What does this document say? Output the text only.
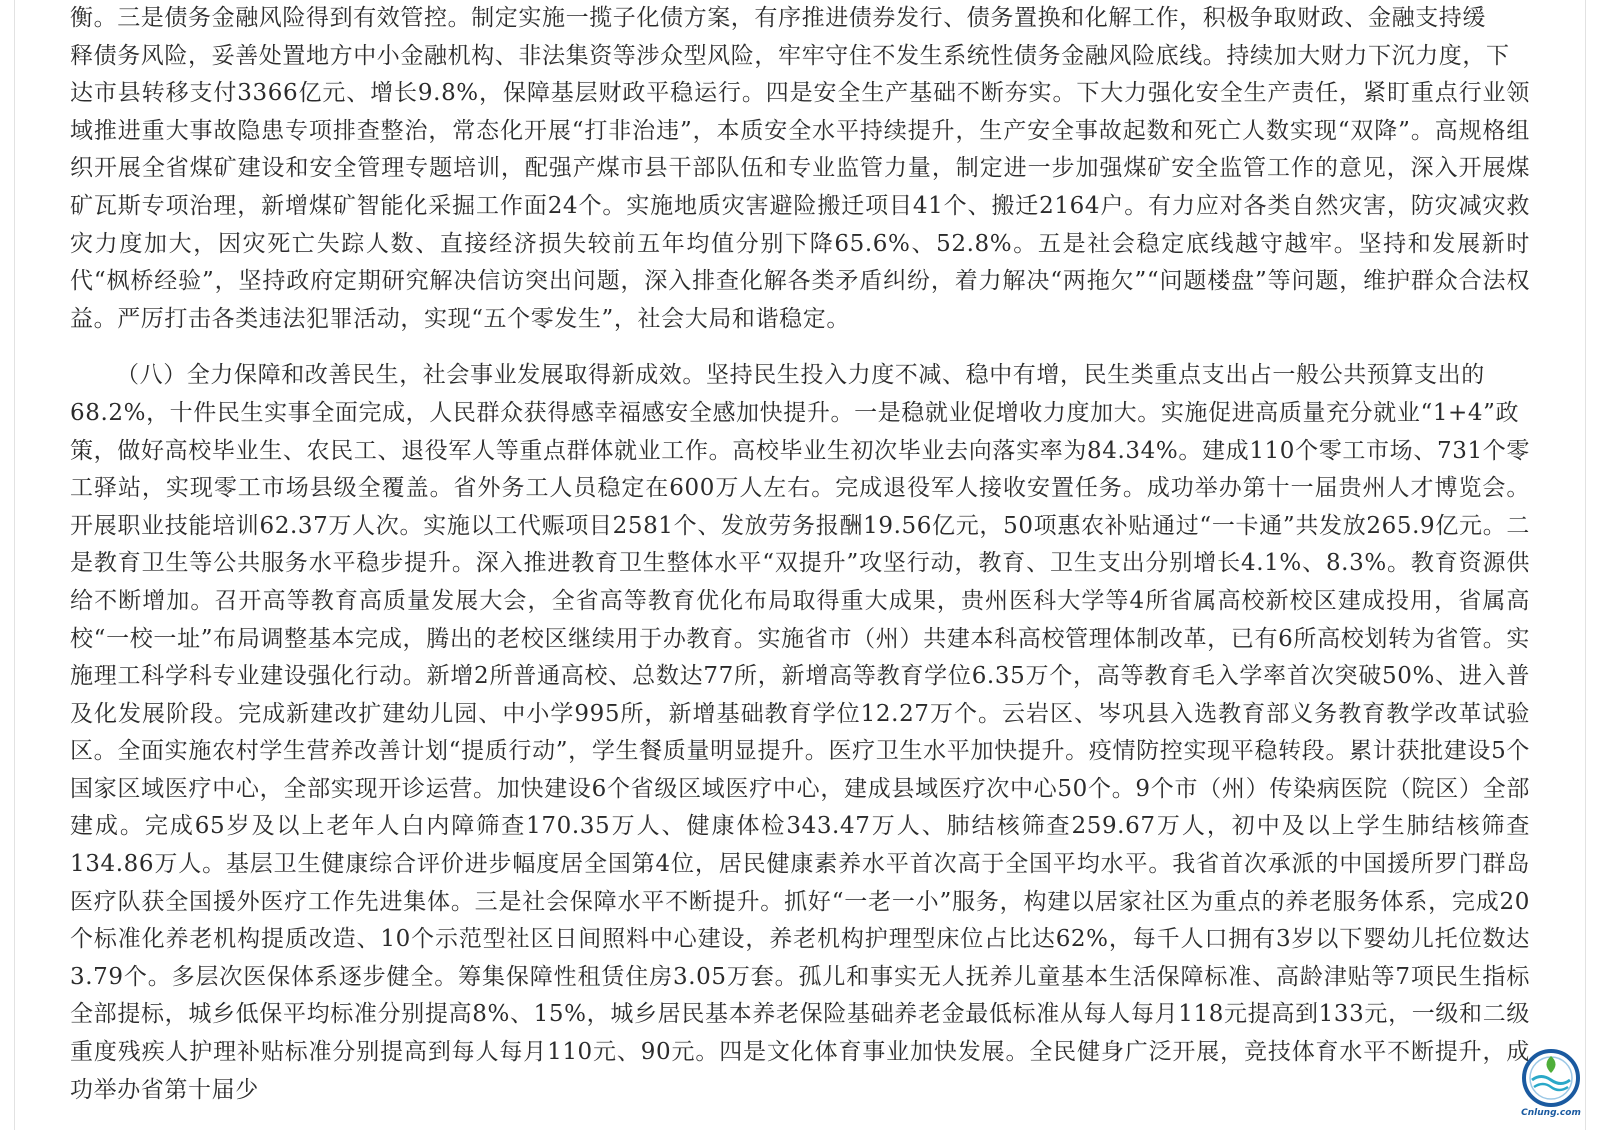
衡。三是债务金融风险得到有效管控。制定实施一揽子化债方案，有序推进债券发行、债务置换和化解工作，积极争取财政、金融支持缓
释债务风险，妥善处置地方中小金融机构、非法集资等涉众型风险，牢牢守住不发生系统性债务金融风险底线。持续加大财力下沉力度，下
达市县转移支付3366亿元、增长9.8%，保障基层财政平稳运行。四是安全生产基础不断夯实。下大力强化安全生产责任，紧盯重点行业领域推进重大事故隐患专项排查整治，常态化开展“打非治违”，本质安全水平持续提升，生产安全事故起数和死亡人数实现“双降”。高规格组织开展全省煤矿建设和安全管理专题培训，配强产煤市县干部队伍和专业监管力量，制定进一步加强煤矿安全监管工作的意见，深入开展煤矿瓦斯专项治理，新增煤矿智能化采掘工作面24个。实施地质灾害避险搬迁项目41个、搬迁2164户。有力应对各类自然灾害，防灾减灾救灾力度加大，因灾死亡失踪人数、直接经济损失较前五年均值分别下降65.6%、52.8%。五是社会稳定底线越守越牢。坚持和发展新时代“枫桥经验”，坚持政府定期研究解决信访突出问题，深入排查化解各类矛盾纠纷，着力解决“两拖欠”“问题楼盘”等问题，维护群众合法权益。严厉打击各类违法犯罪活动，实现“五个零发生”，社会大局和谐稳定。

（八）全力保障和改善民生，社会事业发展取得新成效。坚持民生投入力度不减、稳中有增，民生类重点支出占一般公共预算支出的
68.2%，十件民生实事全面完成，人民群众获得感幸福感安全感加快提升。一是稳就业促增收力度加大。实施促进高质量充分就业“1+4”政
策，做好高校毕业生、农民工、退役军人等重点群体就业工作。高校毕业生初次毕业去向落实率为84.34%。建成110个零工市场、731个零工驿站，实现零工市场县级全覆盖。省外务工人员稳定在600万人左右。完成退役军人接收安置任务。成功举办第十一届贵州人才博览会。开展职业技能培训62.37万人次。实施以工代赈项目2581个、发放劳务报酬19.56亿元，50项惠农补贴通过“一卡通”共发放265.9亿元。二是教育卫生等公共服务水平稳步提升。深入推进教育卫生整体水平“双提升”攻坚行动，教育、卫生支出分别增长4.1%、8.3%。教育资源供给不断增加。召开高等教育高质量发展大会，全省高等教育优化布局取得重大成果，贵州医科大学等4所省属高校新校区建成投用，省属高校“一校一址”布局调整基本完成，腾出的老校区继续用于办教育。实施省市（州）共建本科高校管理体制改革，已有6所高校划转为省管。实施理工科学科专业建设强化行动。新增2所普通高校、总数达77所，新增高等教育学位6.35万个，高等教育毛入学率首次突破50%、进入普及化发展阶段。完成新建改扩建幼儿园、中小学995所，新增基础教育学位12.27万个。云岩区、岑巩县入选教育部义务教育教学改革试验区。全面实施农村学生营养改善计划“提质行动”，学生餐质量明显提升。医疗卫生水平加快提升。疫情防控实现平稳转段。累计获批建设5个国家区域医疗中心，全部实现开诊运营。加快建设6个省级区域医疗中心，建成县域医疗次中心50个。9个市（州）传染病医院（院区）全部建成。完成65岁及以上老年人白内障筛查170.35万人、健康体检343.47万人、肺结核筛查259.67万人，初中及以上学生肺结核筛查134.86万人。基层卫生健康综合评价进步幅度居全国第4位，居民健康素养水平首次高于全国平均水平。我省首次承派的中国援所罗门群岛医疗队获全国援外医疗工作先进集体。三是社会保障水平不断提升。抓好“一老一小”服务，构建以居家社区为重点的养老服务体系，完成20个标准化养老机构提质改造、10个示范型社区日间照料中心建设，养老机构护理型床位占比达62%，每千人口拥有3岁以下婴幼儿托位数达3.79个。多层次医保体系逐步健全。筹集保障性租赁住房3.05万套。孤儿和事实无人抚养儿童基本生活保障标准、高龄津贴等7项民生指标全部提标，城乡低保平均标准分别提高8%、15%，城乡居民基本养老保险基础养老金最低标准从每人每月118元提高到133元，一级和二级重度残疾人护理补贴标准分别提高到每人每月110元、90元。四是文化体育事业加快发展。全民健身广泛开展，竞技体育水平不断提升，成功举办省第十届少

Cnlung.com
